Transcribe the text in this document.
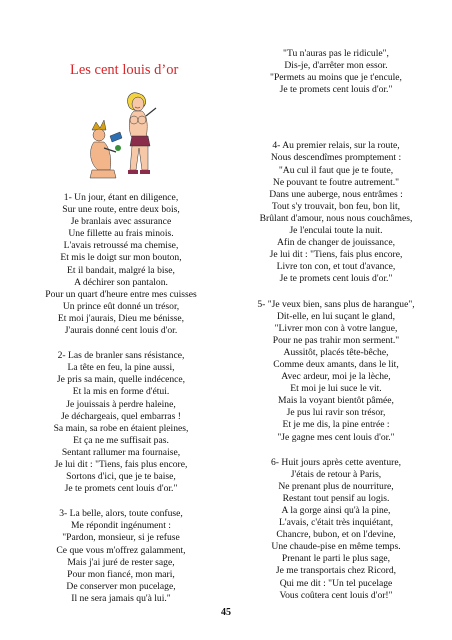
Les cent louis d’or
1- Un jour, étant en diligence,
Sur une route, entre deux bois,
Je branlais avec assurance
Une fillette au frais minois.
L'avais retroussé ma chemise,
Et mis le doigt sur mon bouton,
Et il bandait, malgré la bise,
A déchirer son pantalon.
Pour un quart d'heure entre mes cuisses
Un prince eût donné un trésor,
Et moi j'aurais, Dieu me bénisse,
J'aurais donné cent louis d'or.
2- Las de branler sans résistance,
La tête en feu, la pine aussi,
Je pris sa main, quelle indécence,
Et la mis en forme d'étui.
Je jouissais à perdre haleine,
Je déchargeais, quel embarras !
Sa main, sa robe en étaient pleines,
Et ça ne me suffisait pas.
Sentant rallumer ma fournaise,
Je lui dit : "Tiens, fais plus encore,
Sortons d'ici, que je te baise,
Je te promets cent louis d'or."
3- La belle, alors, toute confuse,
Me répondit ingénument :
"Pardon, monsieur, si je refuse
Ce que vous m'offrez galamment,
Mais j'ai juré de rester sage,
Pour mon fiancé, mon mari,
De conserver mon pucelage,
Il ne sera jamais qu'à lui."
"Tu n'auras pas le ridicule",
Dis-je, d'arrêter mon essor.
"Permets au moins que je t'encule,
Je te promets cent louis d'or."
4- Au premier relais, sur la route,
Nous descendîmes promptement :
"Au cul il faut que je te foute,
Ne pouvant te foutre autrement."
Dans une auberge, nous entrâmes :
Tout s'y trouvait, bon feu, bon lit,
Brûlant d'amour, nous nous couchâmes,
Je l'enculai toute la nuit.
Afin de changer de jouissance,
Je lui dit : "Tiens, fais plus encore,
Livre ton con, et tout d'avance,
Je te promets cent louis d'or."
5- "Je veux bien, sans plus de harangue",
Dit-elle, en lui suçant le gland,
"Livrer mon con à votre langue,
Pour ne pas trahir mon serment."
Aussitôt, placés tête-bêche,
Comme deux amants, dans le lit,
Avec ardeur, moi je la lèche,
Et moi je lui suce le vit.
Mais la voyant bientôt pâmée,
Je pus lui ravir son trésor,
Et je me dis, la pine entrée :
"Je gagne mes cent louis d'or."
6- Huit jours après cette aventure,
J'étais de retour à Paris,
Ne prenant plus de nourriture,
Restant tout pensif au logis.
A la gorge ainsi qu'à la pine,
L'avais, c'était très inquiétant,
Chancre, bubon, et on l'devine,
Une chaude-pise en même temps.
Prenant le parti le plus sage,
Je me transportais chez Ricord,
Qui me dit : "Un tel pucelage
Vous coûtera cent louis d'or!"
45
